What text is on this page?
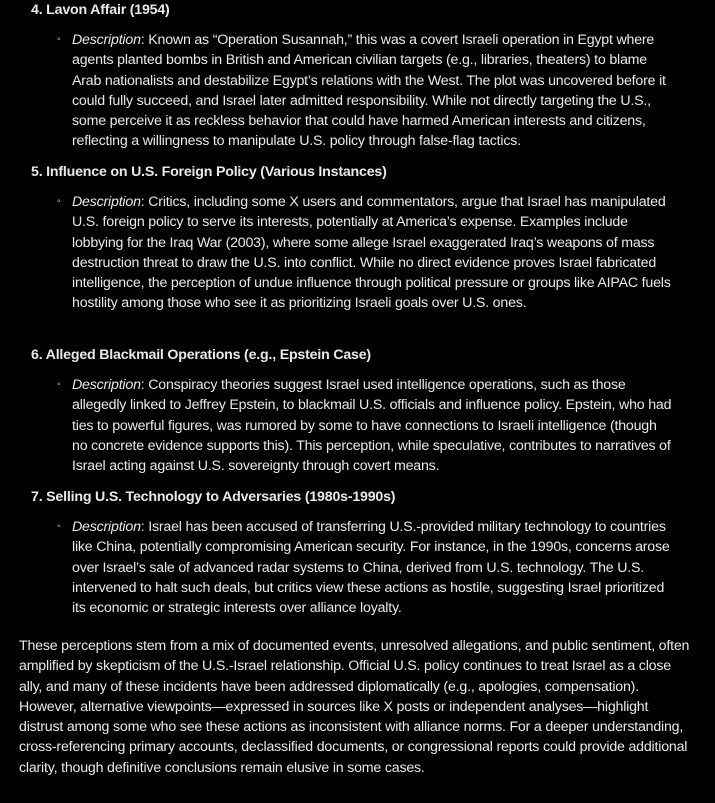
4. Lavon Affair (1954)
◦ Description: Known as “Operation Susannah,” this was a covert Israeli operation in Egypt where agents planted bombs in British and American civilian targets (e.g., libraries, theaters) to blame Arab nationalists and destabilize Egypt’s relations with the West. The plot was uncovered before it could fully succeed, and Israel later admitted responsibility. While not directly targeting the U.S., some perceive it as reckless behavior that could have harmed American interests and citizens, reflecting a willingness to manipulate U.S. policy through false-flag tactics.
5. Influence on U.S. Foreign Policy (Various Instances)
◦ Description: Critics, including some X users and commentators, argue that Israel has manipulated U.S. foreign policy to serve its interests, potentially at America’s expense. Examples include lobbying for the Iraq War (2003), where some allege Israel exaggerated Iraq’s weapons of mass destruction threat to draw the U.S. into conflict. While no direct evidence proves Israel fabricated intelligence, the perception of undue influence through political pressure or groups like AIPAC fuels hostility among those who see it as prioritizing Israeli goals over U.S. ones.
6. Alleged Blackmail Operations (e.g., Epstein Case)
◦ Description: Conspiracy theories suggest Israel used intelligence operations, such as those allegedly linked to Jeffrey Epstein, to blackmail U.S. officials and influence policy. Epstein, who had ties to powerful figures, was rumored by some to have connections to Israeli intelligence (though no concrete evidence supports this). This perception, while speculative, contributes to narratives of Israel acting against U.S. sovereignty through covert means.
7. Selling U.S. Technology to Adversaries (1980s-1990s)
◦ Description: Israel has been accused of transferring U.S.-provided military technology to countries like China, potentially compromising American security. For instance, in the 1990s, concerns arose over Israel’s sale of advanced radar systems to China, derived from U.S. technology. The U.S. intervened to halt such deals, but critics view these actions as hostile, suggesting Israel prioritized its economic or strategic interests over alliance loyalty.
These perceptions stem from a mix of documented events, unresolved allegations, and public sentiment, often amplified by skepticism of the U.S.-Israel relationship. Official U.S. policy continues to treat Israel as a close ally, and many of these incidents have been addressed diplomatically (e.g., apologies, compensation). However, alternative viewpoints—expressed in sources like X posts or independent analyses—highlight distrust among some who see these actions as inconsistent with alliance norms. For a deeper understanding, cross-referencing primary accounts, declassified documents, or congressional reports could provide additional clarity, though definitive conclusions remain elusive in some cases.
